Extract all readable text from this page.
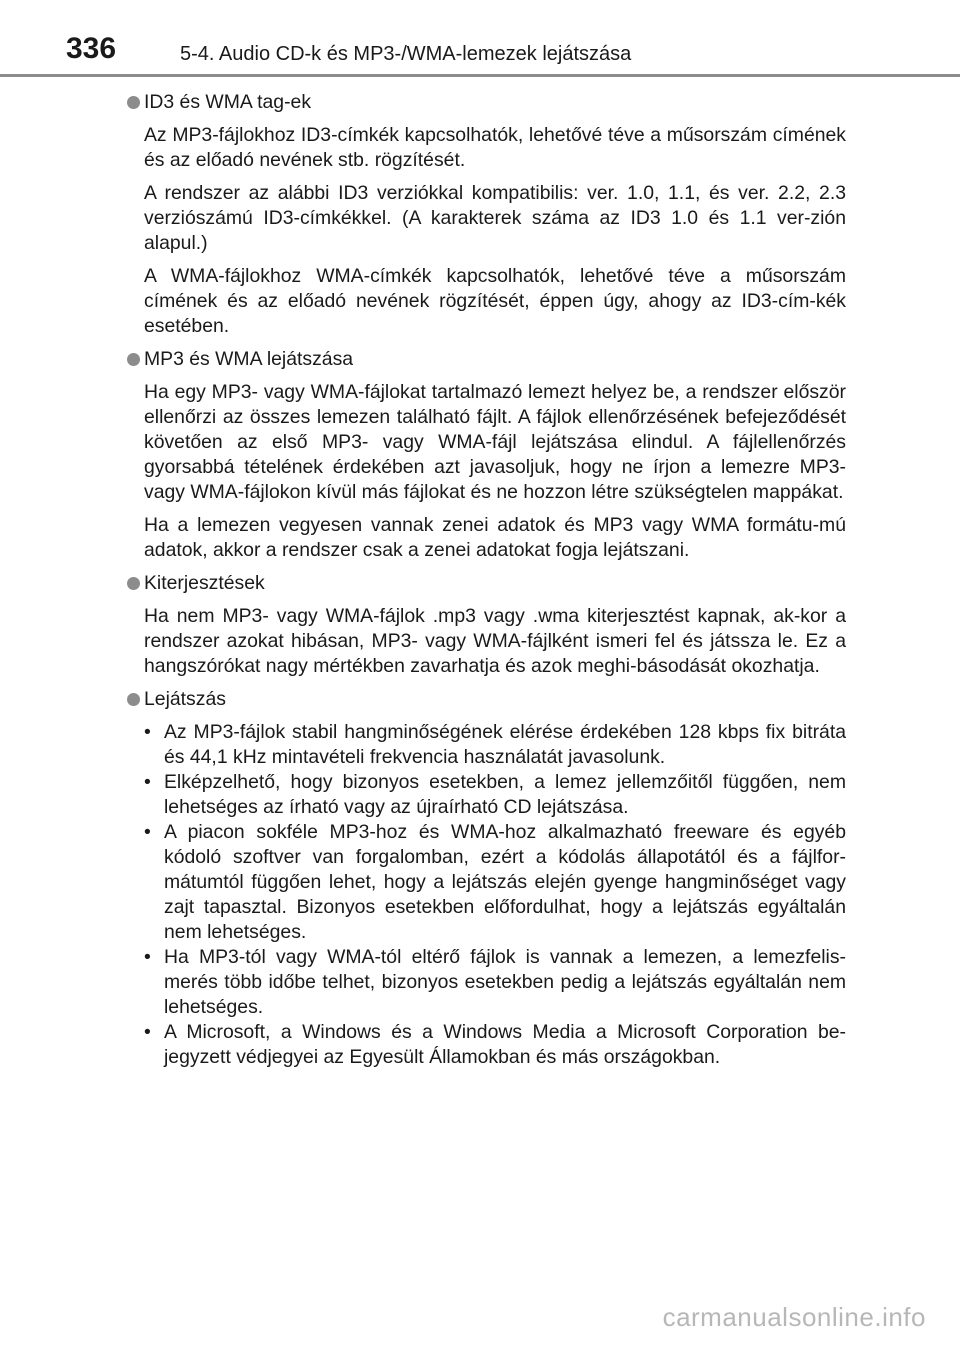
336	5-4. Audio CD-k és MP3-/WMA-lemezek lejátszása
ID3 és WMA tag-ek

Az MP3-fájlokhoz ID3-címkék kapcsolhatók, lehetővé téve a műsorszám címének és az előadó nevének stb. rögzítését.

A rendszer az alábbi ID3 verziókkal kompatibilis: ver. 1.0, 1.1, és ver. 2.2, 2.3 verziószámú ID3-címkékkel. (A karakterek száma az ID3 1.0 és 1.1 ver-zión alapul.)

A WMA-fájlokhoz WMA-címkék kapcsolhatók, lehetővé téve a műsorszám címének és az előadó nevének rögzítését, éppen úgy, ahogy az ID3-cím-kék esetében.

MP3 és WMA lejátszása

Ha egy MP3- vagy WMA-fájlokat tartalmazó lemezt helyez be, a rendszer először ellenőrzi az összes lemezen található fájlt. A fájlok ellenőrzésének befejeződését követően az első MP3- vagy WMA-fájl lejátszása elindul. A fájlellenőrzés gyorsabbá tételének érdekében azt javasoljuk, hogy ne írjon a lemezre MP3- vagy WMA-fájlokon kívül más fájlokat és ne hozzon létre szükségtelen mappákat.

Ha a lemezen vegyesen vannak zenei adatok és MP3 vagy WMA formátu-mú adatok, akkor a rendszer csak a zenei adatokat fogja lejátszani.

Kiterjesztések

Ha nem MP3- vagy WMA-fájlok .mp3 vagy .wma kiterjesztést kapnak, ak-kor a rendszer azokat hibásan, MP3- vagy WMA-fájlként ismeri fel és játssza le. Ez a hangszórókat nagy mértékben zavarhatja és azok meghi-básodását okozhatja.

Lejátszás
• Az MP3-fájlok stabil hangminőségének elérése érdekében 128 kbps fix bitráta és 44,1 kHz mintavételi frekvencia használatát javasolunk.
• Elképzelhető, hogy bizonyos esetekben, a lemez jellemzőitől függően, nem lehetséges az írható vagy az újraírható CD lejátszása.
• A piacon sokféle MP3-hoz és WMA-hoz alkalmazható freeware és egyéb kódoló szoftver van forgalomban, ezért a kódolás állapotától és a fájlfor-mátumtól függően lehet, hogy a lejátszás elején gyenge hangminőséget vagy zajt tapasztal. Bizonyos esetekben előfordulhat, hogy a lejátszás egyáltalán nem lehetséges.
• Ha MP3-tól vagy WMA-tól eltérő fájlok is vannak a lemezen, a lemezfelis-merés több időbe telhet, bizonyos esetekben pedig a lejátszás egyáltalán nem lehetséges.
• A Microsoft, a Windows és a Windows Media a Microsoft Corporation be-jegyzett védjegyei az Egyesült Államokban és más országokban.
carmanualsonline.info
